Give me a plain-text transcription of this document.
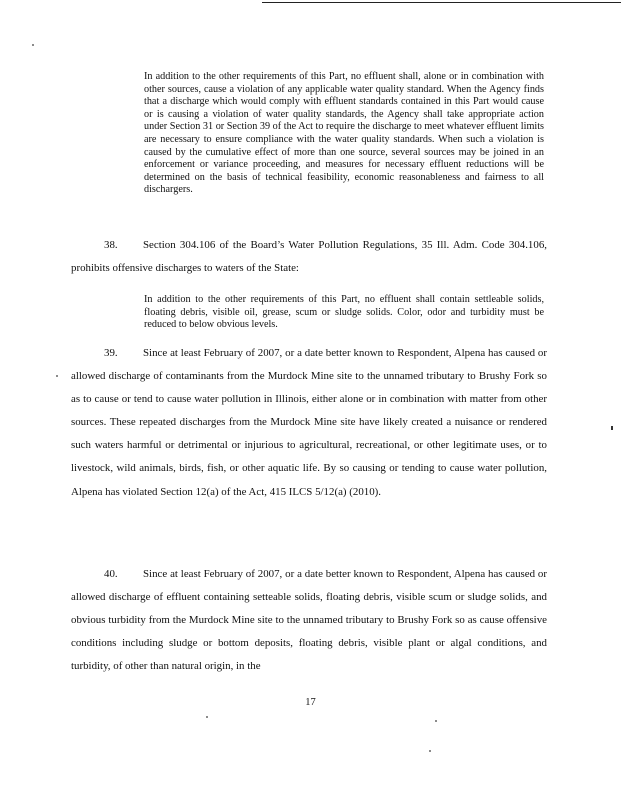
In addition to the other requirements of this Part, no effluent shall, alone or in combination with other sources, cause a violation of any applicable water quality standard. When the Agency finds that a discharge which would comply with effluent standards contained in this Part would cause or is causing a violation of water quality standards, the Agency shall take appropriate action under Section 31 or Section 39 of the Act to require the discharge to meet whatever effluent limits are necessary to ensure compliance with the water quality standards. When such a violation is caused by the cumulative effect of more than one source, several sources may be joined in an enforcement or variance proceeding, and measures for necessary effluent reductions will be determined on the basis of technical feasibility, economic reasonableness and fairness to all dischargers.
38. Section 304.106 of the Board’s Water Pollution Regulations, 35 Ill. Adm. Code 304.106, prohibits offensive discharges to waters of the State:
In addition to the other requirements of this Part, no effluent shall contain settleable solids, floating debris, visible oil, grease, scum or sludge solids. Color, odor and turbidity must be reduced to below obvious levels.
39. Since at least February of 2007, or a date better known to Respondent, Alpena has caused or allowed discharge of contaminants from the Murdock Mine site to the unnamed tributary to Brushy Fork so as to cause or tend to cause water pollution in Illinois, either alone or in combination with matter from other sources. These repeated discharges from the Murdock Mine site have likely created a nuisance or rendered such waters harmful or detrimental or injurious to agricultural, recreational, or other legitimate uses, or to livestock, wild animals, birds, fish, or other aquatic life. By so causing or tending to cause water pollution, Alpena has violated Section 12(a) of the Act, 415 ILCS 5/12(a) (2010).
40. Since at least February of 2007, or a date better known to Respondent, Alpena has caused or allowed discharge of effluent containing setteable solids, floating debris, visible scum or sludge solids, and obvious turbidity from the Murdock Mine site to the unnamed tributary to Brushy Fork so as cause offensive conditions including sludge or bottom deposits, floating debris, visible plant or algal conditions, and turbidity, of other than natural origin, in the
17
